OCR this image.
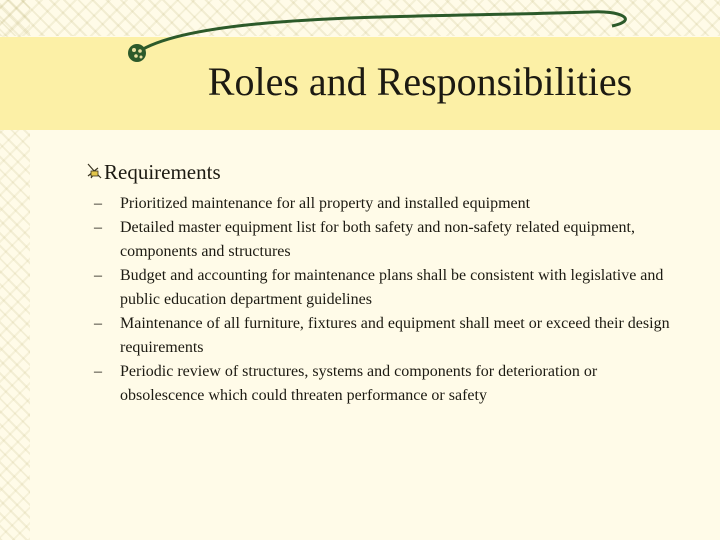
Roles and Responsibilities
Requirements
– Prioritized maintenance for all property and installed equipment
– Detailed master equipment list for both safety and non-safety related equipment, components and structures
– Budget and accounting for maintenance plans shall be consistent with legislative and public education department guidelines
– Maintenance of all furniture, fixtures and equipment shall meet or exceed their design requirements
– Periodic review of structures, systems and components for deterioration or obsolescence which could threaten performance or safety
